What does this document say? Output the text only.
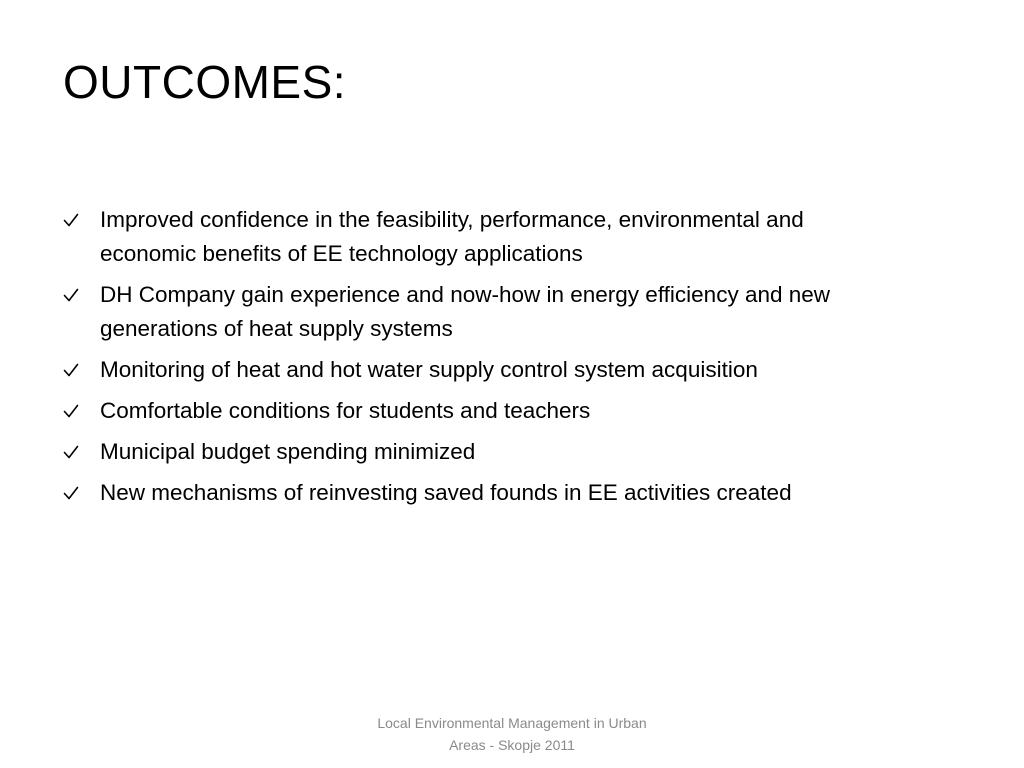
OUTCOMES:
Improved confidence in the feasibility, performance, environmental and
economic benefits of EE technology applications
DH Company gain experience and now-how in energy efficiency and new
generations of heat supply systems
Monitoring of heat and hot water supply control system acquisition
Comfortable conditions for students and teachers
Municipal budget spending minimized
New mechanisms of reinvesting saved founds in EE activities created
Local Environmental Management in Urban
Areas - Skopje 2011
